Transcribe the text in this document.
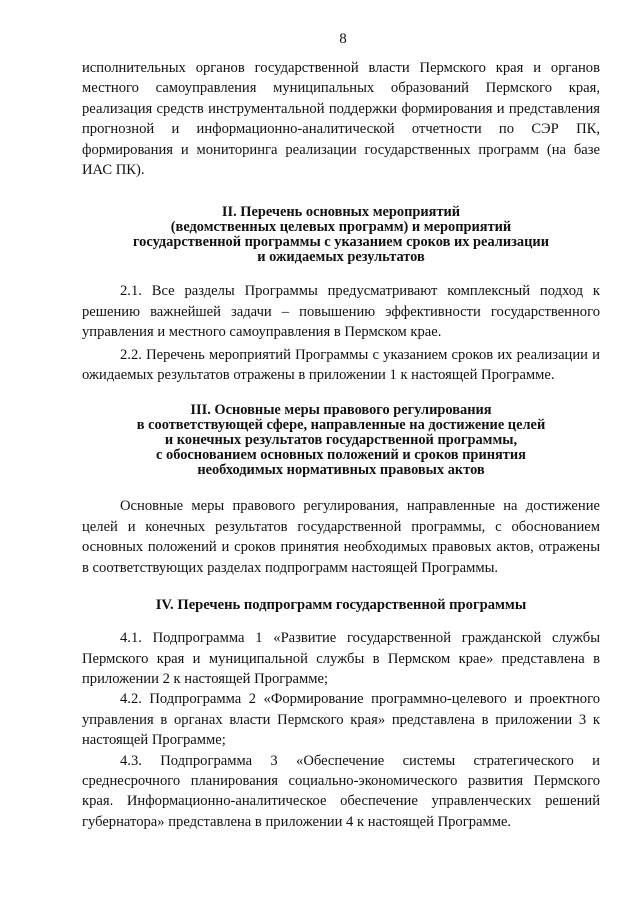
8

исполнительных органов государственной власти Пермского края и органов местного самоуправления муниципальных образований Пермского края, реализация средств инструментальной поддержки формирования и представления прогнозной и информационно-аналитической отчетности по СЭР ПК, формирования и мониторинга реализации государственных программ (на базе ИАС ПК).

II. Перечень основных мероприятий
(ведомственных целевых программ) и мероприятий
государственной программы с указанием сроков их реализации
и ожидаемых результатов

2.1. Все разделы Программы предусматривают комплексный подход к решению важнейшей задачи – повышению эффективности государственного управления и местного самоуправления в Пермском крае.

2.2. Перечень мероприятий Программы с указанием сроков их реализации и ожидаемых результатов отражены в приложении 1 к настоящей Программе.

III. Основные меры правового регулирования
в соответствующей сфере, направленные на достижение целей
и конечных результатов государственной программы,
с обоснованием основных положений и сроков принятия
необходимых нормативных правовых актов

Основные меры правового регулирования, направленные на достижение целей и конечных результатов государственной программы, с обоснованием основных положений и сроков принятия необходимых правовых актов, отражены в соответствующих разделах подпрограмм настоящей Программы.

IV. Перечень подпрограмм государственной программы

4.1. Подпрограмма 1 «Развитие государственной гражданской службы Пермского края и муниципальной службы в Пермском крае» представлена в приложении 2 к настоящей Программе;

4.2. Подпрограмма 2 «Формирование программно-целевого и проектного управления в органах власти Пермского края» представлена в приложении 3 к настоящей Программе;

4.3. Подпрограмма 3 «Обеспечение системы стратегического и среднесрочного планирования социально-экономического развития Пермского края. Информационно-аналитическое обеспечение управленческих решений губернатора» представлена в приложении 4 к настоящей Программе.
